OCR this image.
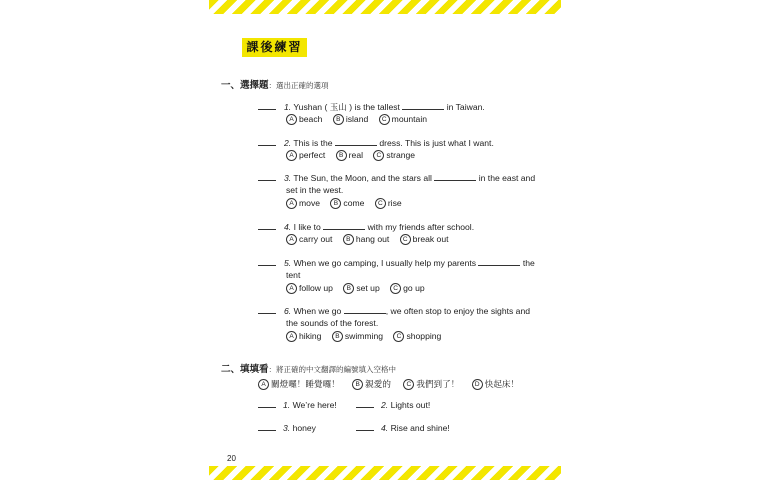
課後練習
一、選擇題：選出正確的選項
1. Yushan ( 玉山 ) is the tallest	in Taiwan.
A beach B island C mountain
2. This is the	dress. This is just what I want.
A perfect B real C strange
3. The Sun, the Moon, and the stars all	in the east and
set in the west.
A move B come C rise
4. I like to	with my friends after school.
A carry out B hang out C break out
5. When we go camping, I usually help my parents	the
tent
A follow up B set up C go up
6. When we go	, we often stop to enjoy the sights and
the sounds of the forest.
A hiking B swimming C shopping
二、填填看：將正確的中文翻譯的編號填入空格中
A 關燈囉！睡覺囉！ B 親愛的 C 我們到了！ D 快起床！
1. We’re here!	2. Lights out!
3. honey	4. Rise and shine!
20
